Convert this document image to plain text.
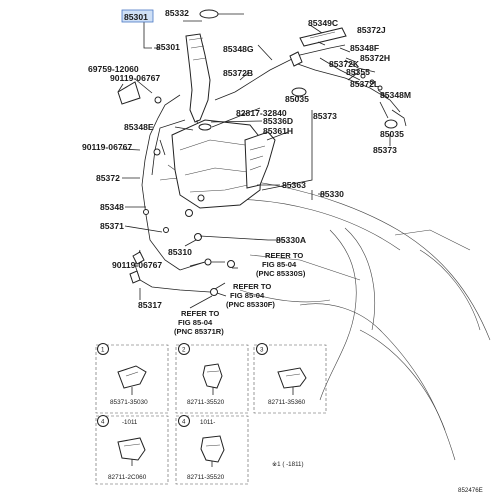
85301 85332
85301
85349C
85372J
85348G	85348F
85372H
69759-12060	85372B
85372K
85355
90119-06767
85372L
85348M
85035
82817-32840	85373
85348E
85336D
85361H	85035
90119-06767	85373
85372
85363
85330
85348
85371
85330A
85310
90119-06767
85317
REFER TO
FIG 85-04
(PNC 85330S)
REFER TO
FIG 85-04
(PNC 85330F)
REFER TO
FIG 85-04
(PNC 85371R)
1
85371-35030
2
82711-35520
3
82711-35360
4	-1011
82711-2C060
4 1011-
82711-35520
※1 ( -1811)
852476E
